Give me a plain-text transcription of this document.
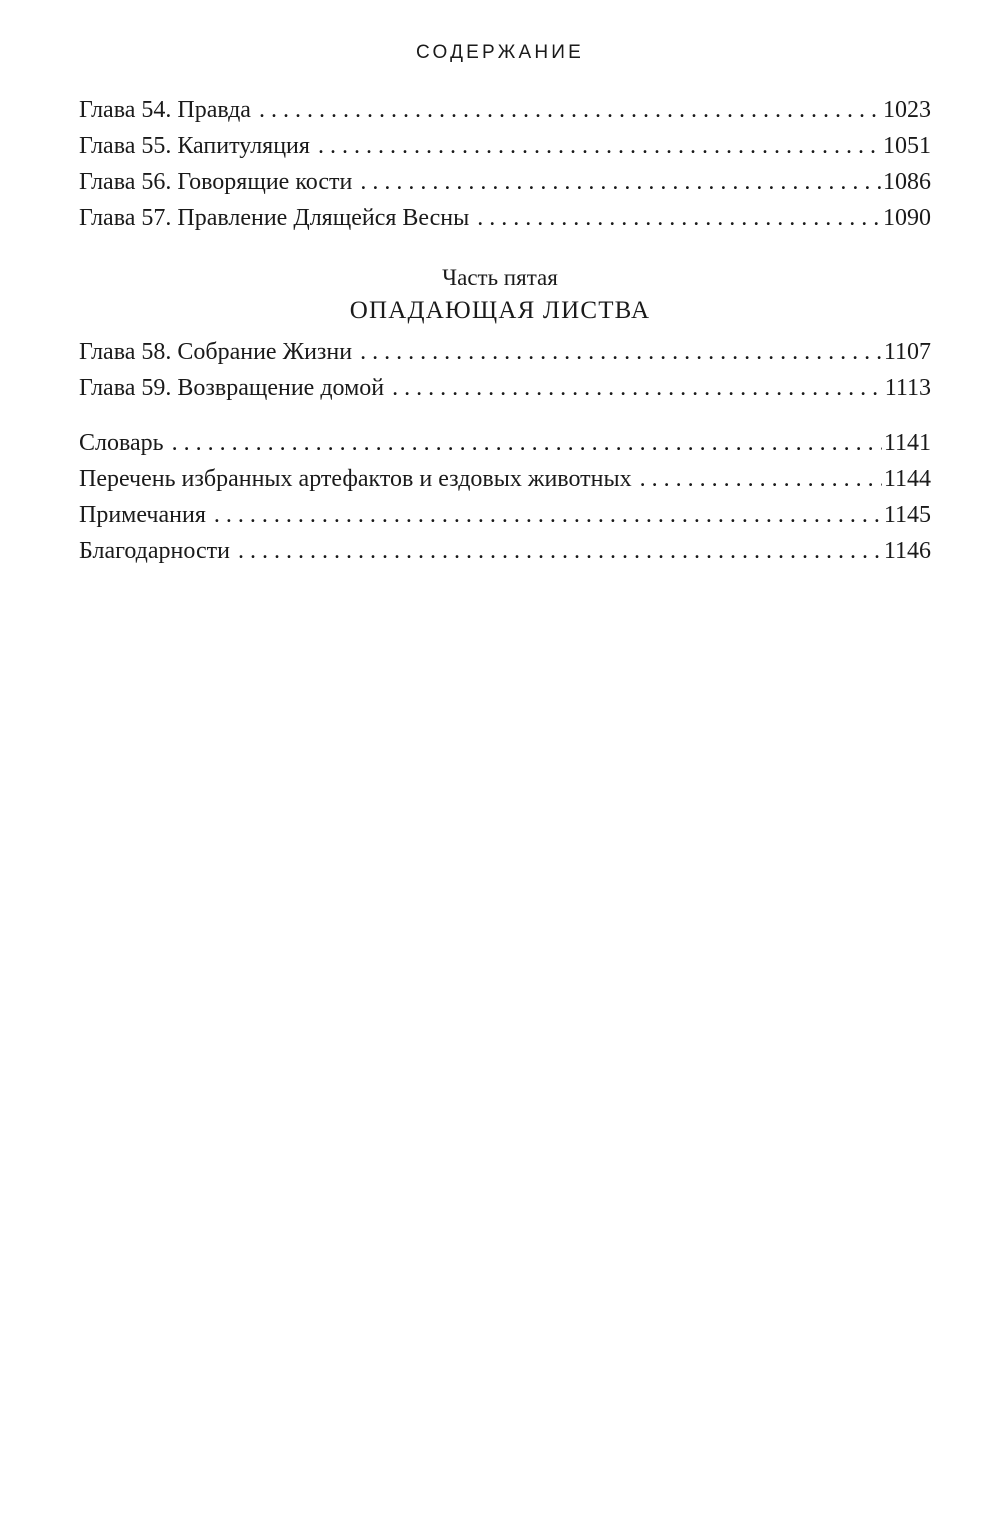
СОДЕРЖАНИЕ
Глава 54. Правда . . .	1023
Глава 55. Капитуляция . . .	1051
Глава 56. Говорящие кости . . .	1086
Глава 57. Правление Длящейся Весны . . .	1090
Часть пятая
ОПАДАЮЩАЯ ЛИСТВА
Глава 58. Собрание Жизни . . .	1107
Глава 59. Возвращение домой . . .	1113
Словарь . . .	1141
Перечень избранных артефактов и ездовых животных . . .	1144
Примечания . . .	1145
Благодарности . . .	1146
